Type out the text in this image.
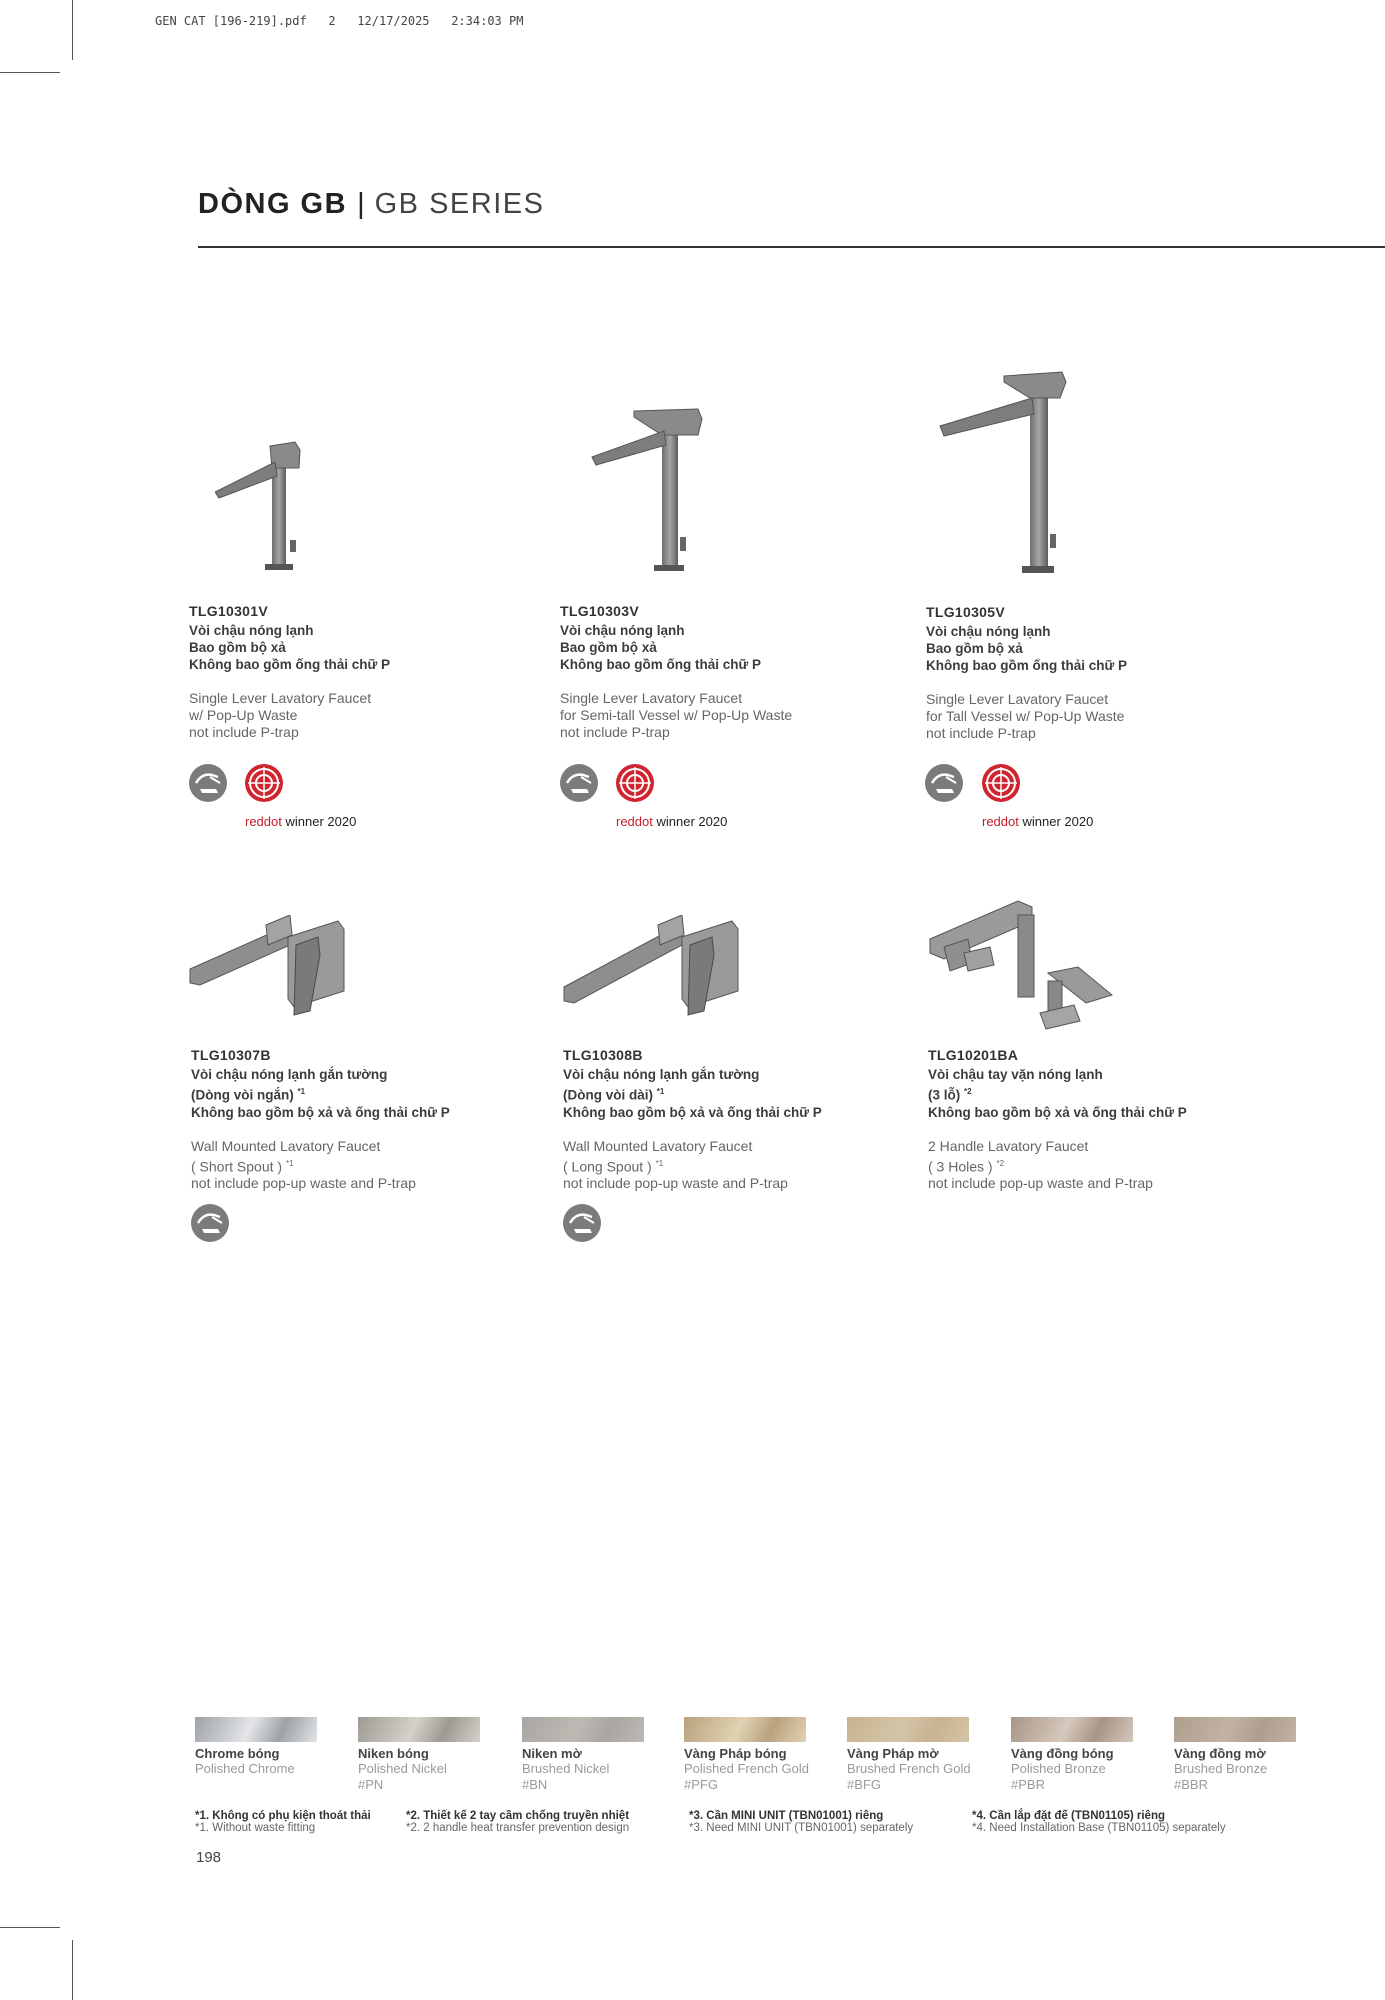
GEN CAT [196-219].pdf   2   12/17/2025   2:34:03 PM
DÒNG GB | GB SERIES
TLG10301V
Vòi chậu nóng lạnh
Bao gồm bộ xả
Không bao gồm ống thải chữ P
Single Lever Lavatory Faucet
w/ Pop-Up Waste
not include P-trap
TLG10303V
Vòi chậu nóng lạnh
Bao gồm bộ xả
Không bao gồm ống thải chữ P
Single Lever Lavatory Faucet
for Semi-tall Vessel w/ Pop-Up Waste
not include P-trap
TLG10305V
Vòi chậu nóng lạnh
Bao gồm bộ xả
Không bao gồm ống thải chữ P
Single Lever Lavatory Faucet
for Tall Vessel w/ Pop-Up Waste
not include P-trap
TLG10307B
Vòi chậu nóng lạnh gắn tường
(Dòng vòi ngắn) $^{*1}$
Không bao gồm bộ xả và ống thải chữ P
Wall Mounted Lavatory Faucet
( Short Spout ) $^{*1}$
not include pop-up waste and P-trap
TLG10308B
Vòi chậu nóng lạnh gắn tường
(Dòng vòi dài) $^{*1}$
Không bao gồm bộ xả và ống thải chữ P
Wall Mounted Lavatory Faucet
( Long Spout ) $^{*1}$
not include pop-up waste and P-trap
TLG10201BA
Vòi chậu tay vặn nóng lạnh
(3 lỗ) $^{*2}$
Không bao gồm bộ xả và ống thải chữ P
2 Handle Lavatory Faucet
( 3 Holes ) $^{*2}$
not include pop-up waste and P-trap
reddot winner 2020	reddot winner 2020	reddot winner 2020
Chrome bóng
Polished Chrome
Niken bóng
Polished Nickel
#PN
Niken mờ
Brushed Nickel
#BN
Vàng Pháp bóng
Polished French Gold
#PFG
Vàng Pháp mờ
Brushed French Gold
#BFG
Vàng đồng bóng
Polished Bronze
#PBR
Vàng đồng mờ
Brushed Bronze
#BBR
*1. Không có phụ kiện thoát thải
*1. Without waste fitting
*2. Thiết kế 2 tay cầm chống truyền nhiệt
*2. 2 handle heat transfer prevention design
*3. Cần MINI UNIT (TBN01001) riêng
*3. Need MINI UNIT (TBN01001) separately
*4. Cần lắp đặt đế (TBN01105) riêng
*4. Need Installation Base (TBN01105) separately
198
